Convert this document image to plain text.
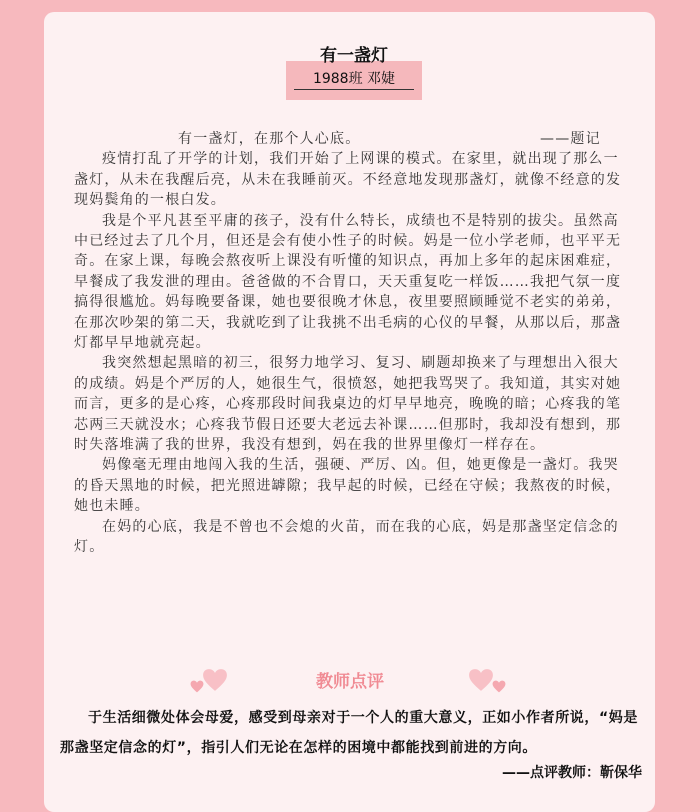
有一盏灯
1988班 邓婕
有一盏灯，在那个人心底。	——题记

疫情打乱了开学的计划，我们开始了上网课的模式。在家里，就出现了那么一盏灯，从未在我醒后亮，从未在我睡前灭。不经意地发现那盏灯，就像不经意的发现妈鬓角的一根白发。

我是个平凡甚至平庸的孩子，没有什么特长，成绩也不是特别的拔尖。虽然高中已经过去了几个月，但还是会有使小性子的时候。妈是一位小学老师，也平平无奇。在家上课，每晚会熬夜听上课没有听懂的知识点，再加上多年的起床困难症，早餐成了我发泄的理由。爸爸做的不合胃口，天天重复吃一样饭……我把气氛一度搞得很尴尬。妈每晚要备课，她也要很晚才休息，夜里要照顾睡觉不老实的弟弟，在那次吵架的第二天，我就吃到了让我挑不出毛病的心仪的早餐，从那以后，那盏灯都早早地就亮起。

我突然想起黑暗的初三，很努力地学习、复习、刷题却换来了与理想出入很大的成绩。妈是个严厉的人，她很生气，很愤怒，她把我骂哭了。我知道，其实对她而言，更多的是心疼，心疼那段时间我桌边的灯早早地亮，晚晚的暗；心疼我的笔芯两三天就没水；心疼我节假日还要大老远去补课……但那时，我却没有想到，那时失落堆满了我的世界，我没有想到，妈在我的世界里像灯一样存在。

妈像毫无理由地闯入我的生活，强硬、严厉、凶。但，她更像是一盏灯。我哭的昏天黑地的时候，把光照进罅隙；我早起的时候，已经在守候；我熬夜的时候，她也未睡。

在妈的心底，我是不曾也不会熄的火苗，而在我的心底，妈是那盏坚定信念的灯。

教师点评

于生活细微处体会母爱，感受到母亲对于一个人的重大意义，正如小作者所说，“妈是那盏坚定信念的灯”，指引人们无论在怎样的困境中都能找到前进的方向。

——点评教师：靳保华
